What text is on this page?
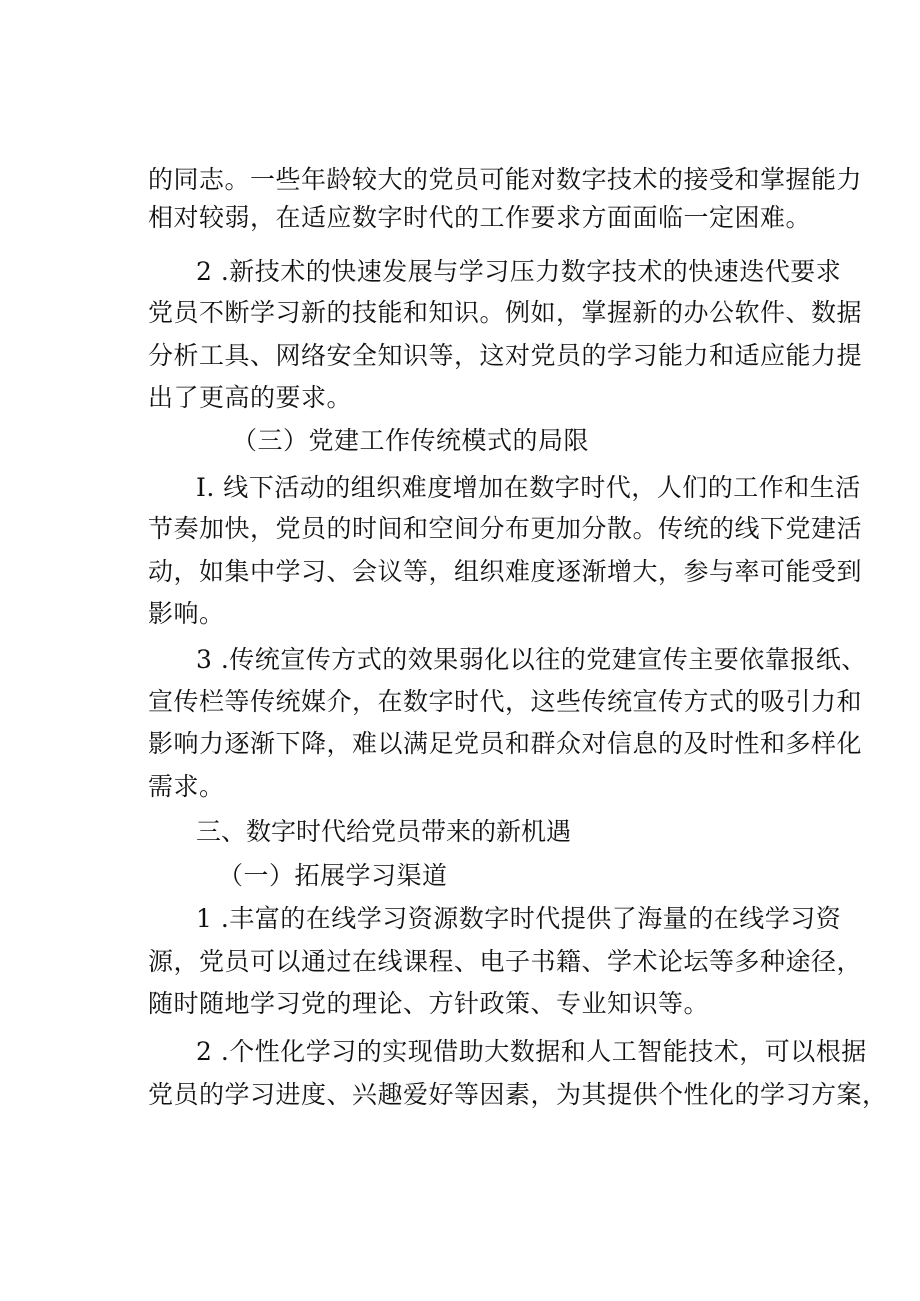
的同志。一些年龄较大的党员可能对数字技术的接受和掌握能力
相对较弱，在适应数字时代的工作要求方面面临一定困难。
2 .新技术的快速发展与学习压力数字技术的快速迭代要求
党员不断学习新的技能和知识。例如，掌握新的办公软件、数据
分析工具、网络安全知识等，这对党员的学习能力和适应能力提
出了更高的要求。
（三）党建工作传统模式的局限
I. 线下活动的组织难度增加在数字时代，人们的工作和生活
节奏加快，党员的时间和空间分布更加分散。传统的线下党建活
动，如集中学习、会议等，组织难度逐渐增大，参与率可能受到
影响。
3 .传统宣传方式的效果弱化以往的党建宣传主要依靠报纸、
宣传栏等传统媒介，在数字时代，这些传统宣传方式的吸引力和
影响力逐渐下降，难以满足党员和群众对信息的及时性和多样化
需求。
三、数字时代给党员带来的新机遇
（一）拓展学习渠道
1 .丰富的在线学习资源数字时代提供了海量的在线学习资
源，党员可以通过在线课程、电子书籍、学术论坛等多种途径，
随时随地学习党的理论、方针政策、专业知识等。
2 .个性化学习的实现借助大数据和人工智能技术，可以根据
党员的学习进度、兴趣爱好等因素，为其提供个性化的学习方案，
